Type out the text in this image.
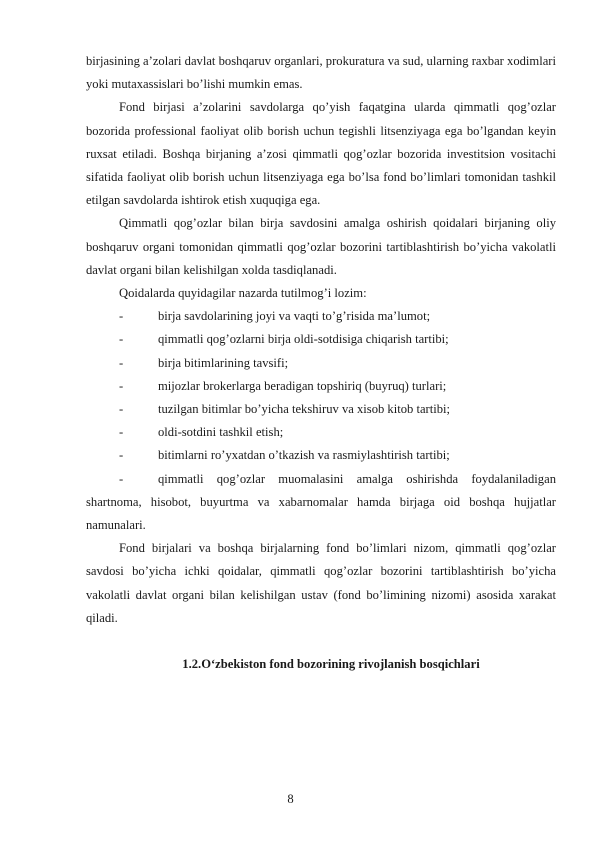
birjasining a’zolari davlat boshqaruv organlari, prokuratura va sud, ularning raxbar xodimlari yoki mutaxassislari bo’lishi mumkin emas.

Fond birjasi a’zolarini savdolarga qo’yish faqatgina ularda qimmatli qog’ozlar bozorida professional faoliyat olib borish uchun tegishli litsenziyaga ega bo’lgandan keyin ruxsat etiladi. Boshqa birjaning a’zosi qimmatli qog’ozlar bozorida investitsion vositachi sifatida faoliyat olib borish uchun litsenziyaga ega bo’lsa fond bo’limlari tomonidan tashkil etilgan savdolarda ishtirok etish xuquqiga ega.

Qimmatli qog’ozlar bilan birja savdosini amalga oshirish qoidalari birjaning oliy boshqaruv organi tomonidan qimmatli qog’ozlar bozorini tartiblashtirish bo’yicha vakolatli davlat organi bilan kelishilgan xolda tasdiqlanadi.

Qoidalarda quyidagilar nazarda tutilmog’i lozim:

-	birja savdolarining joyi va vaqti to’g’risida ma’lumot;
-	qimmatli qog’ozlarni birja oldi-sotdisiga chiqarish tartibi;
-	birja bitimlarining tavsifi;
-	mijozlar brokerlarga beradigan topshiriq (buyruq) turlari;
-	tuzilgan bitimlar bo’yicha tekshiruv va xisob kitob tartibi;
-	oldi-sotdini tashkil etish;
-	bitimlarni ro’yxatdan o’tkazish va rasmiylashtirish tartibi;

-	qimmatli qog’ozlar muomalasini amalga oshirishda foydalaniladigan shartnoma, hisobot, buyurtma va xabarnomalar hamda birjaga oid boshqa hujjatlar namunalari.

Fond birjalari va boshqa birjalarning fond bo’limlari nizom, qimmatli qog’ozlar savdosi bo’yicha ichki qoidalar, qimmatli qog’ozlar bozorini tartiblashtirish bo’yicha vakolatli davlat organi bilan kelishilgan ustav (fond bo’limining nizomi) asosida xarakat qiladi.

1.2.O‘zbekiston fond bozorining rivojlanish bosqichlari

8
